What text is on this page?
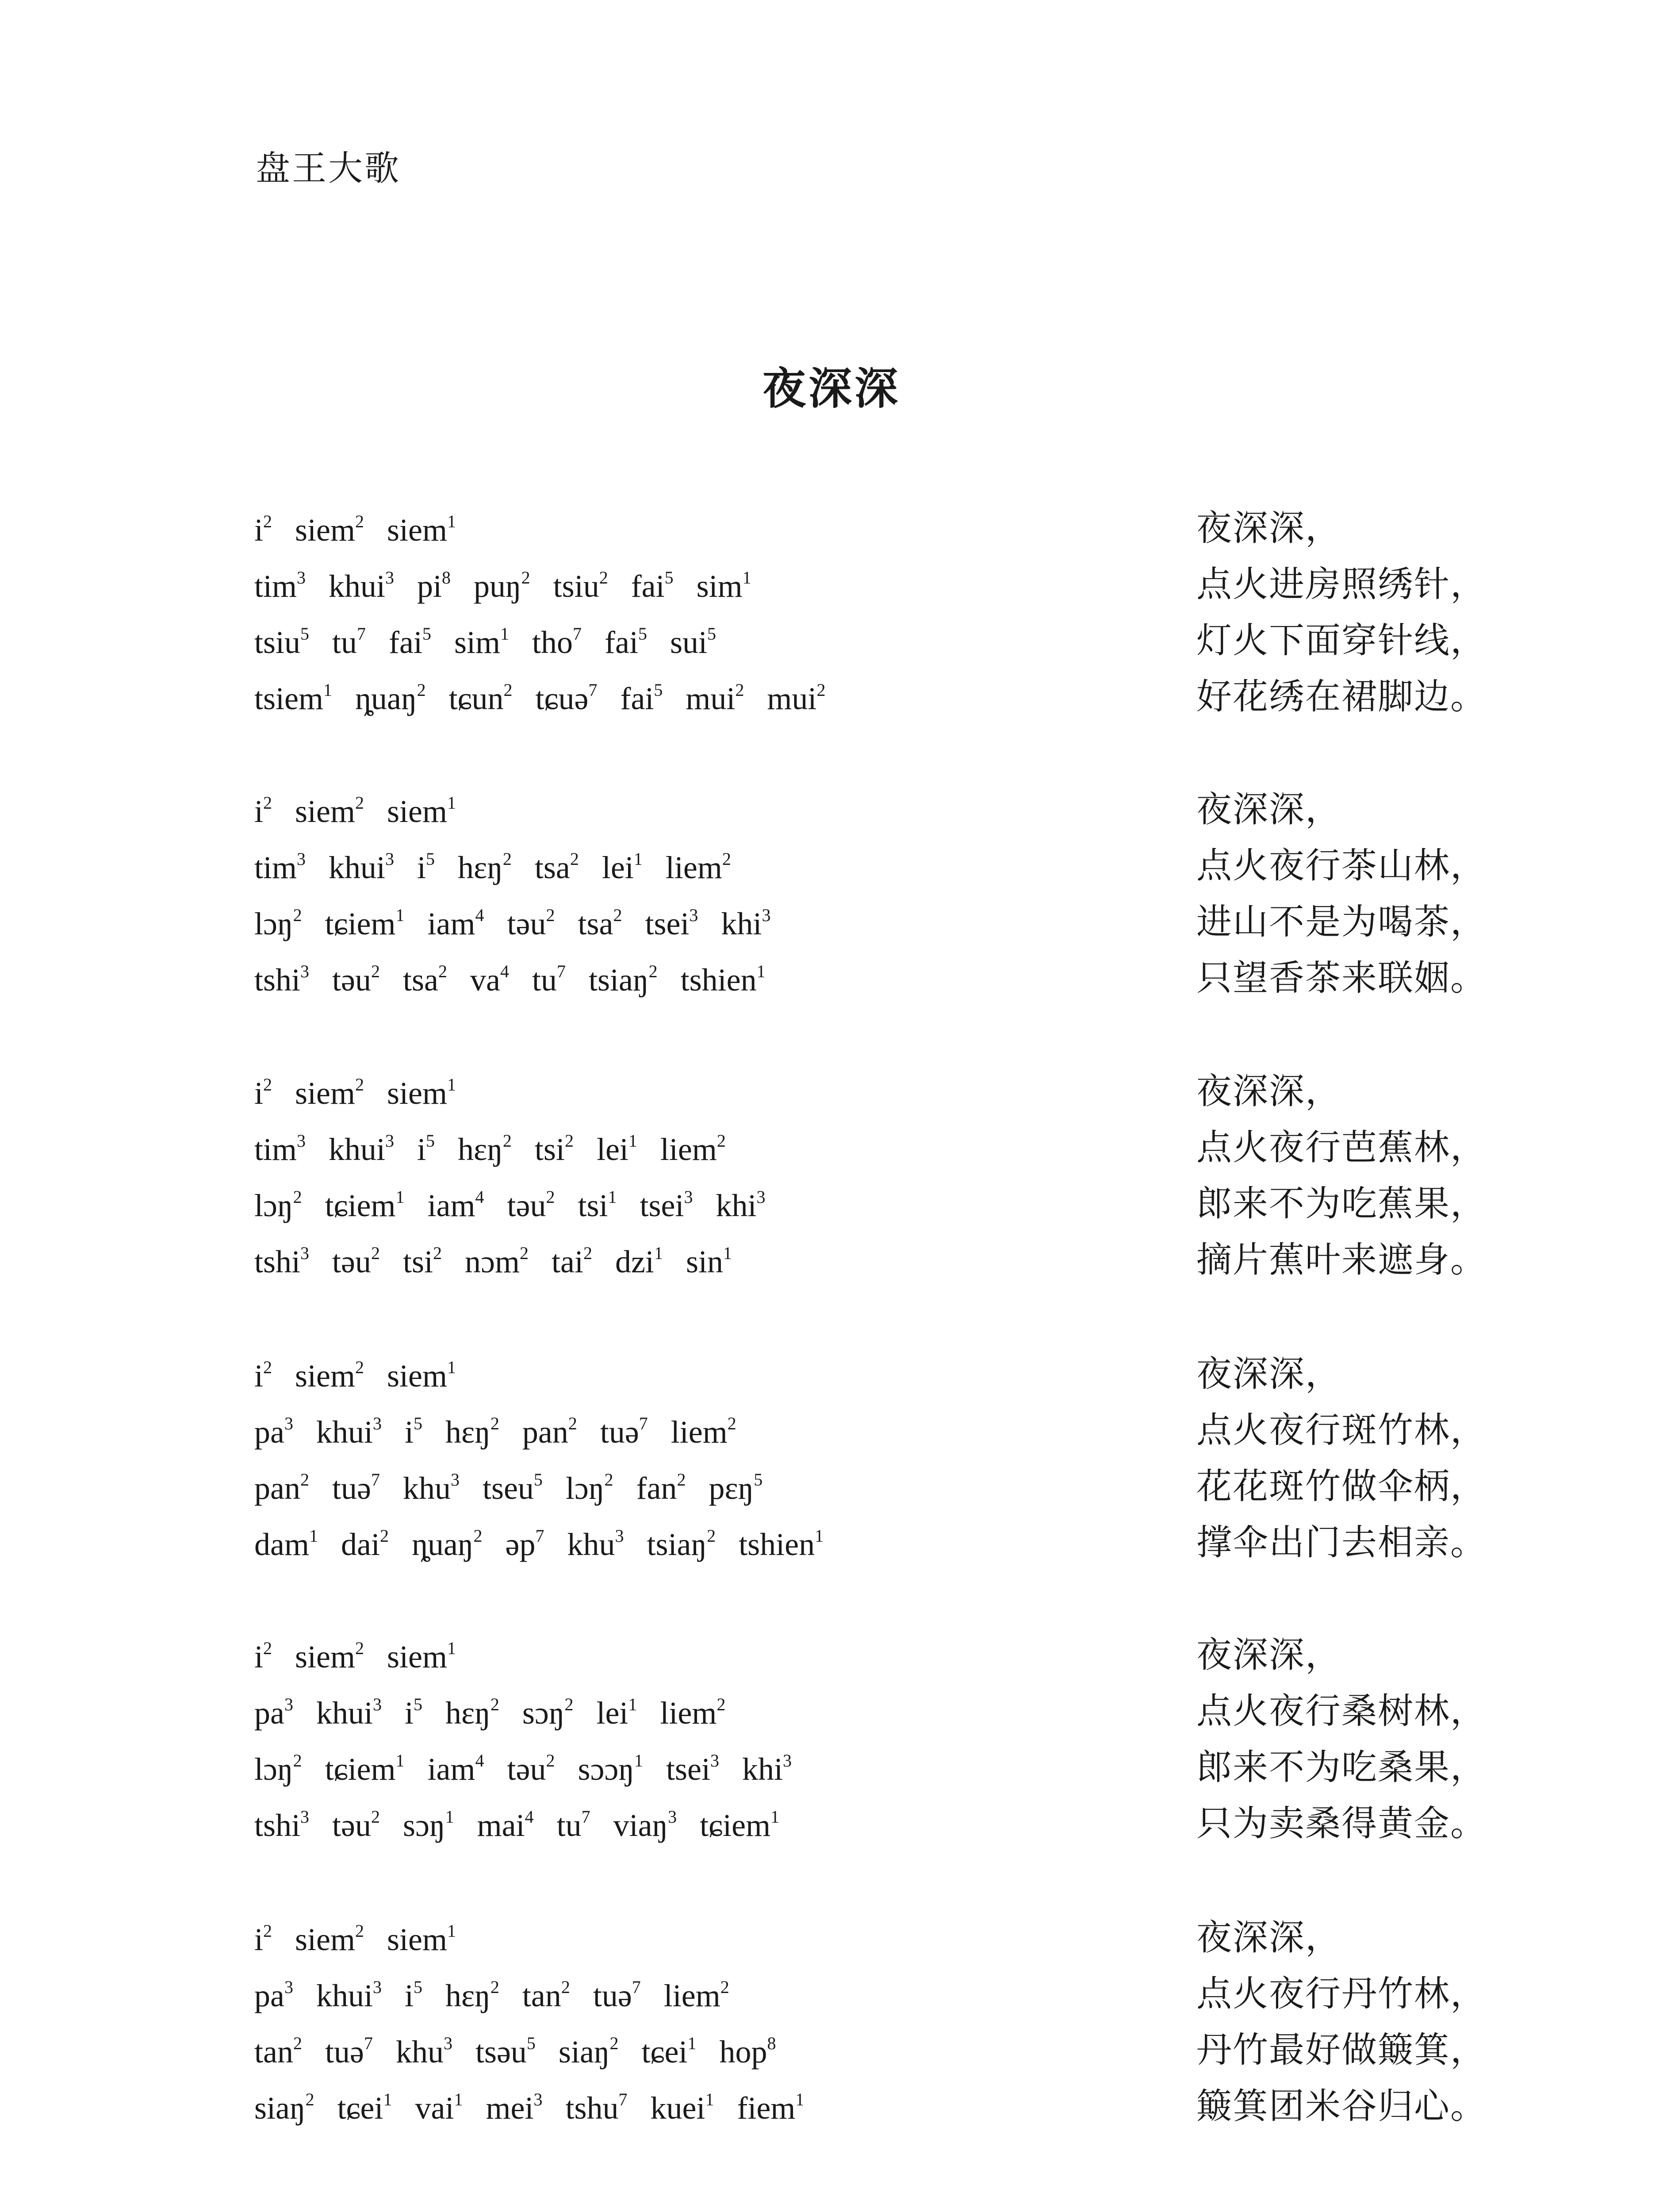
盘王大歌
夜深深
$i^2$ siem$^2$ siem$^1$	夜深深，
tim$^3$ khui$^3$ $pi^8$ puŋ$^2$ tsiu$^2$ fai$^5$ sim$^1$	点火进房照绣针，
tsiu$^5$ $tu^7$ fai$^5$ sim$^1$ tho$^7$ fai$^5$ sui$^5$	灯火下面穿针线，
tsiem$^1$ ȵuaŋ$^2$ tɕun$^2$ tɕuə$^7$ fai$^5$ mui$^2$ mui$^2$	好花绣在裙脚边。
$i^2$ siem$^2$ siem$^1$	夜深深，
tim$^3$ khui$^3$ $i^5$ hɛŋ$^2$ tsa$^2$ lei$^1$ liem$^2$	点火夜行茶山林，
lɔŋ$^2$ tɕiem$^1$ iam$^4$ təu$^2$ tsa$^2$ tsei$^3$ khi$^3$	进山不是为喝茶，
tshi$^3$ təu$^2$ tsa$^2$ $va^4$ $tu^7$ tsiaŋ$^2$ tshien$^1$	只望香茶来联姻。
$i^2$ siem$^2$ siem$^1$	夜深深，
tim$^3$ khui$^3$ $i^5$ hɛŋ$^2$ tsi$^2$ lei$^1$ liem$^2$	点火夜行芭蕉林，
lɔŋ$^2$ tɕiem$^1$ iam$^4$ təu$^2$ tsi$^1$ tsei$^3$ khi$^3$	郎来不为吃蕉果，
tshi$^3$ təu$^2$ tsi$^2$ nɔm$^2$ tai$^2$ dzi$^1$ $\sin^1$	摘片蕉叶来遮身。
$i^2$ siem$^2$ siem$^1$	夜深深，
$pa^3$ khui$^3$ $i^5$ hɛŋ$^2$ pan$^2$ tuə$^7$ liem$^2$	点火夜行斑竹林，
pan$^2$ tuə$^7$ khu$^3$ tseu$^5$ lɔŋ$^2$ fan$^2$ pɛŋ$^5$	花花斑竹做伞柄，
dam$^1$ dai$^2$ ȵuaŋ$^2$ əp$^7$ khu$^3$ tsiaŋ$^2$ tshien$^1$	撑伞出门去相亲。
$i^2$ siem$^2$ siem$^1$	夜深深，
$pa^3$ khui$^3$ $i^5$ hɛŋ$^2$ sɔŋ$^2$ lei$^1$ liem$^2$	点火夜行桑树林，
lɔŋ$^2$ tɕiem$^1$ iam$^4$ təu$^2$ sɔɔŋ$^1$ tsei$^3$ khi$^3$	郎来不为吃桑果，
tshi$^3$ təu$^2$ sɔŋ$^1$ mai$^4$ $tu^7$ viaŋ$^3$ tɕiem$^1$	只为卖桑得黄金。
$i^2$ siem$^2$ siem$^1$	夜深深，
$pa^3$ khui$^3$ $i^5$ hɛŋ$^2$ $\tan^2$ tuə$^7$ liem$^2$	点火夜行丹竹林，
$\tan^2$ tuə$^7$ khu$^3$ tsəu$^5$ siaŋ$^2$ tɕei$^1$ hop$^8$	丹竹最好做簸箕，
siaŋ$^2$ tɕei$^1$ vai$^1$ mei$^3$ tshu$^7$ kuei$^1$ fiem$^1$	簸箕团米谷归心。
